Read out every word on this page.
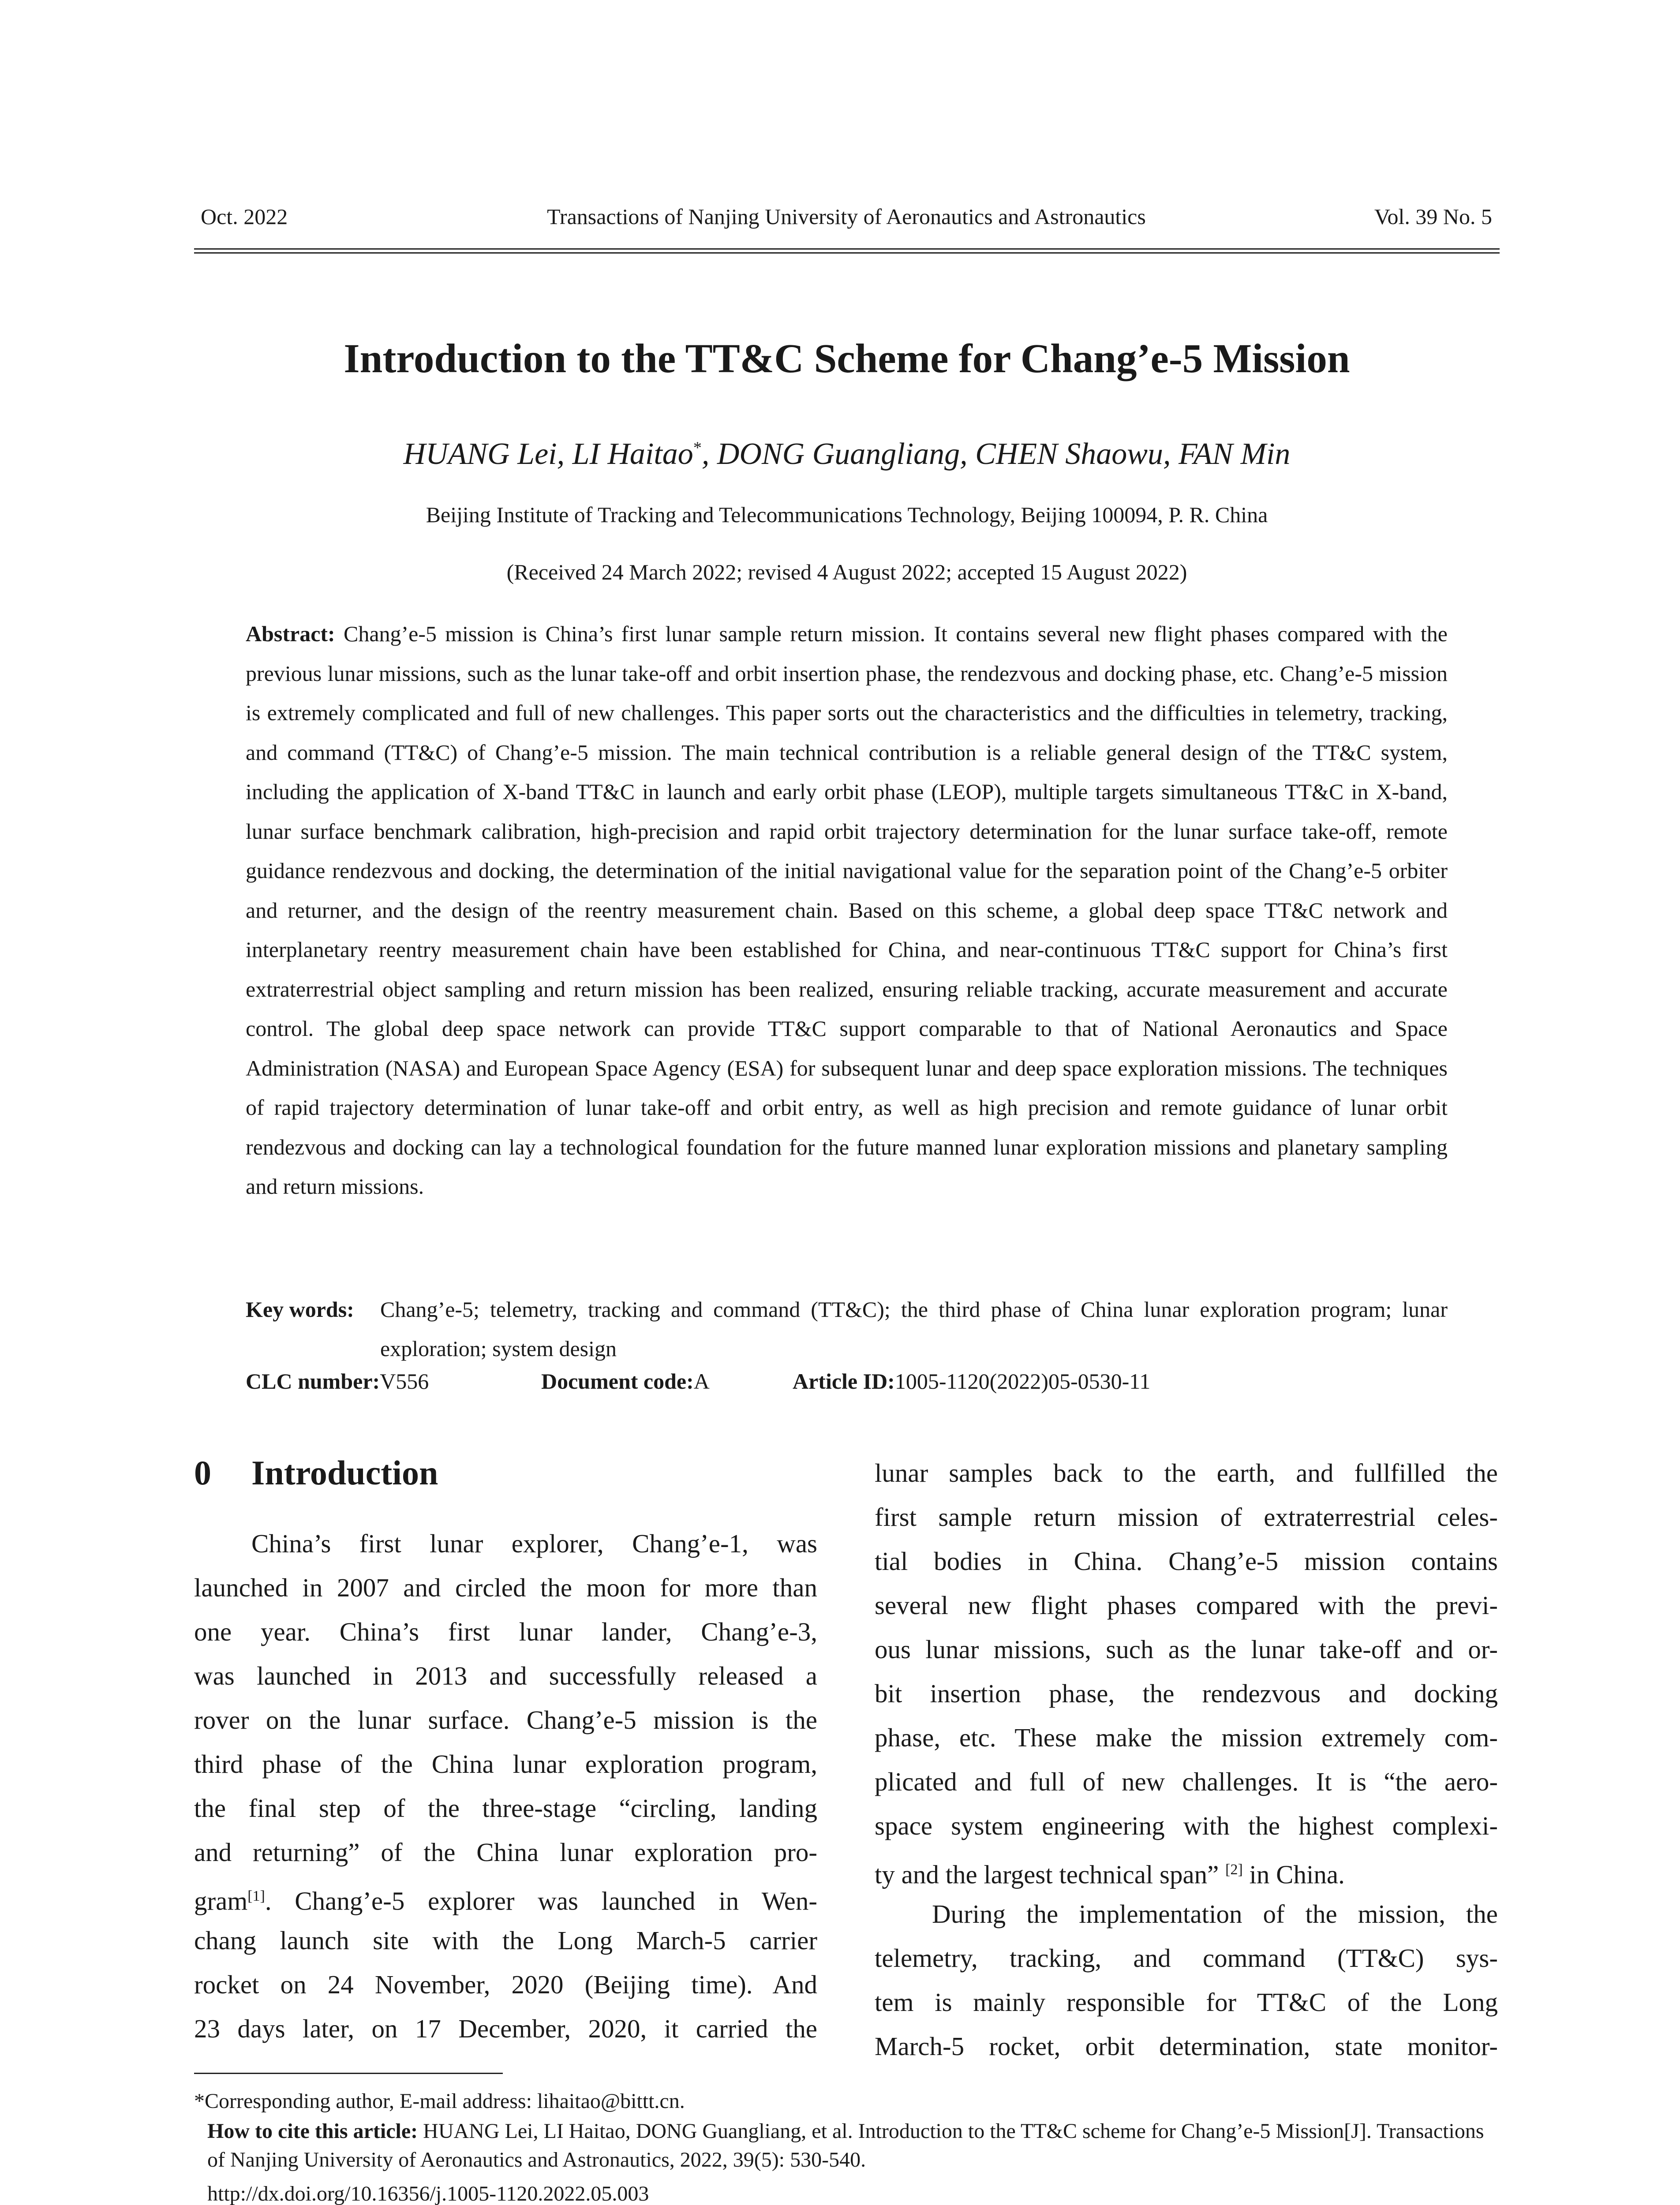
Oct. 2022	Transactions of Nanjing University of Aeronautics and Astronautics	Vol. 39 No. 5
Introduction to the TT&C Scheme for Chang’e-5 Mission
HUANG Lei, LI Haitao*, DONG Guangliang, CHEN Shaowu, FAN Min
Beijing Institute of Tracking and Telecommunications Technology, Beijing 100094, P. R. China
(Received 24 March 2022; revised 4 August 2022; accepted 15 August 2022)
Abstract: Chang’e-5 mission is China’s first lunar sample return mission. It contains several new flight phases compared with the previous lunar missions, such as the lunar take-off and orbit insertion phase, the rendezvous and docking phase, etc. Chang’e-5 mission is extremely complicated and full of new challenges. This paper sorts out the characteristics and the difficulties in telemetry, tracking, and command (TT&C) of Chang’e-5 mission. The main technical contribution is a reliable general design of the TT&C system, including the application of X-band TT&C in launch and early orbit phase (LEOP), multiple targets simultaneous TT&C in X-band, lunar surface benchmark calibration, high-precision and rapid orbit trajectory determination for the lunar surface take-off, remote guidance rendezvous and docking, the determination of the initial navigational value for the separation point of the Chang’e-5 orbiter and returner, and the design of the reentry measurement chain. Based on this scheme, a global deep space TT&C network and interplanetary reentry measurement chain have been established for China, and near-continuous TT&C support for China’s first extraterrestrial object sampling and return mission has been realized, ensuring reliable tracking, accurate measurement and accurate control. The global deep space network can provide TT&C support comparable to that of National Aeronautics and Space Administration (NASA) and European Space Agency (ESA) for subsequent lunar and deep space exploration missions. The techniques of rapid trajectory determination of lunar take-off and orbit entry, as well as high precision and remote guidance of lunar orbit rendezvous and docking can lay a technological foundation for the future manned lunar exploration missions and planetary sampling and return missions.
Key words: Chang’e-5; telemetry, tracking and command (TT&C); the third phase of China lunar exploration program; lunar exploration; system design
CLC number:V556	Document code:A	Article ID:1005-1120(2022)05-0530-11
0 Introduction
China’s first lunar explorer, Chang’e-1, was
launched in 2007 and circled the moon for more than
one year. China’s first lunar lander, Chang’e-3,
was launched in 2013 and successfully released a
rover on the lunar surface. Chang’e-5 mission is the
third phase of the China lunar exploration program,
the final step of the three-stage “circling, landing
and returning” of the China lunar exploration pro-
gram[1]. Chang’e-5 explorer was launched in Wen-
chang launch site with the Long March-5 carrier
rocket on 24 November, 2020 (Beijing time). And
23 days later, on 17 December, 2020, it carried the
lunar samples back to the earth, and fullfilled the
first sample return mission of extraterrestrial celes-
tial bodies in China. Chang’e-5 mission contains
several new flight phases compared with the previ-
ous lunar missions, such as the lunar take-off and or-
bit insertion phase, the rendezvous and docking
phase, etc. These make the mission extremely com-
plicated and full of new challenges. It is “the aero-
space system engineering with the highest complexi-
ty and the largest technical span” [2] in China.
During the implementation of the mission, the
telemetry, tracking, and command (TT&C) sys-
tem is mainly responsible for TT&C of the Long
March-5 rocket, orbit determination, state monitor-
*Corresponding author, E-mail address: lihaitao@bittt.cn.
How to cite this article: HUANG Lei, LI Haitao, DONG Guangliang, et al. Introduction to the TT&C scheme for Chang’e-5 Mission[J]. Transactions of Nanjing University of Aeronautics and Astronautics, 2022, 39(5): 530-540.
http://dx.doi.org/10.16356/j.1005-1120.2022.05.003
